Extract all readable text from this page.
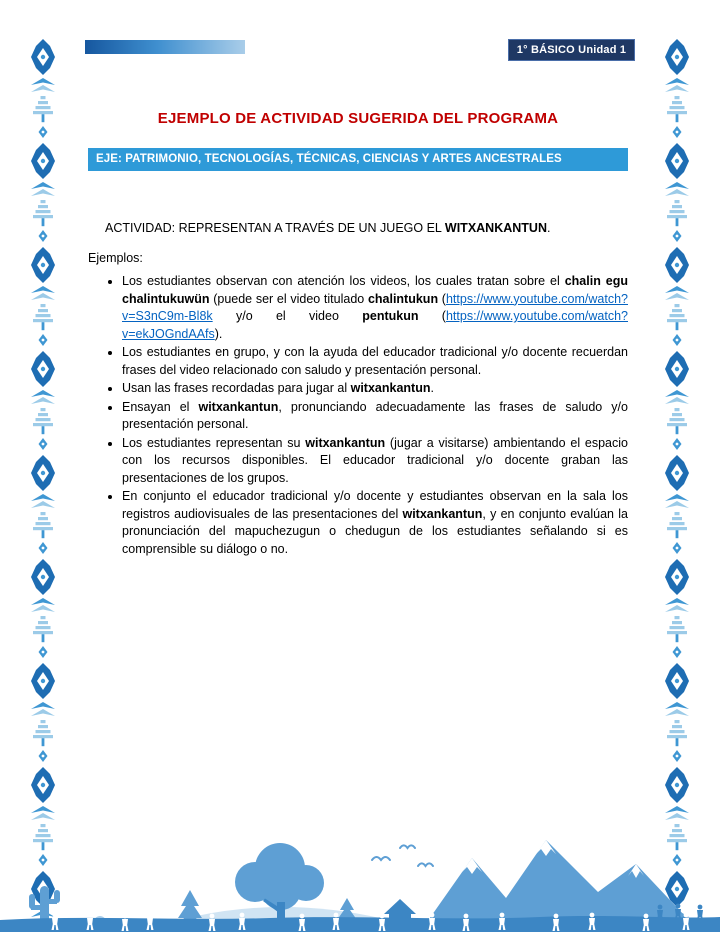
1° BÁSICO Unidad 1
EJEMPLO DE ACTIVIDAD SUGERIDA DEL PROGRAMA
EJE: PATRIMONIO, TECNOLOGÍAS, TÉCNICAS, CIENCIAS Y ARTES ANCESTRALES

ACTIVIDAD: REPRESENTAN A TRAVÉS DE UN JUEGO EL WITXANKANTUN.

Ejemplos:

• Los estudiantes observan con atención los videos, los cuales tratan sobre el chalin egu chalintukuwün (puede ser el video titulado chalintukun (https://www.youtube.com/watch?v=S3nC9m-Bl8k y/o el video pentukun (https://www.youtube.com/watch?v=ekJOGndAAfs).
• Los estudiantes en grupo, y con la ayuda del educador tradicional y/o docente recuerdan frases del video relacionado con saludo y presentación personal.
• Usan las frases recordadas para jugar al witxankantun.
• Ensayan el witxankantun, pronunciando adecuadamente las frases de saludo y/o presentación personal.
• Los estudiantes representan su witxankantun (jugar a visitarse) ambientando el espacio con los recursos disponibles. El educador tradicional y/o docente graban las presentaciones de los grupos.
• En conjunto el educador tradicional y/o docente y estudiantes observan en la sala los registros audiovisuales de las presentaciones del witxankantun, y en conjunto evalúan la pronunciación del mapuchezugun o chedugun de los estudiantes señalando si es comprensible su diálogo o no.
